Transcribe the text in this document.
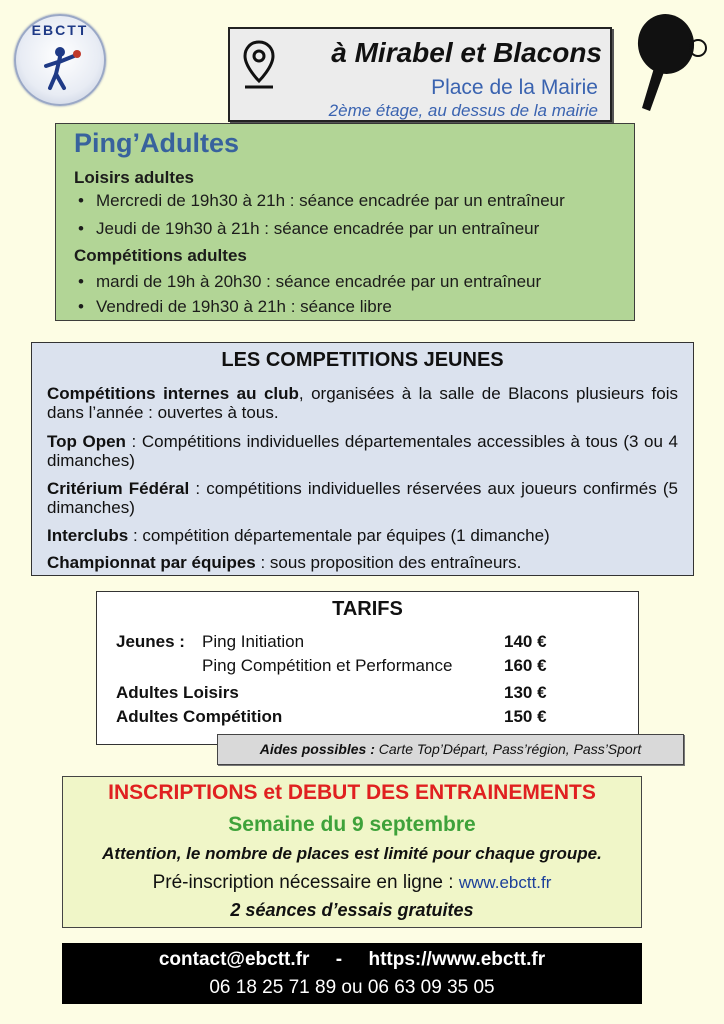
EBCTT
à Mirabel et Blacons
Place de la Mairie
2ème étage, au dessus de la mairie
Ping’Adultes
Loisirs adultes
• Mercredi de 19h30 à 21h : séance encadrée par un entraîneur
• Jeudi de 19h30 à 21h : séance encadrée par un entraîneur
Compétitions adultes
• mardi de 19h à 20h30 : séance encadrée par un entraîneur
• Vendredi de 19h30 à 21h : séance libre
LES COMPETITIONS JEUNES
Compétitions internes au club, organisées à la salle de Blacons plusieurs fois dans l’année : ouvertes à tous.
Top Open : Compétitions individuelles départementales accessibles à tous (3 ou 4 dimanches)
Critérium Fédéral : compétitions individuelles réservées aux joueurs confirmés (5 dimanches)
Interclubs : compétition départementale par équipes (1 dimanche)
Championnat par équipes : sous proposition des entraîneurs.
TARIFS
Jeunes : Ping Initiation	140 €
Ping Compétition et Performance	160 €
Adultes Loisirs	130 €
Adultes Compétition	150 €
Aides possibles : Carte Top’Départ, Pass’région, Pass’Sport
INSCRIPTIONS et DEBUT DES ENTRAINEMENTS
Semaine du 9 septembre
Attention, le nombre de places est limité pour chaque groupe.
Pré-inscription nécessaire en ligne : www.ebctt.fr
2 séances d’essais gratuites
contact@ebctt.fr - https://www.ebctt.fr
06 18 25 71 89 ou 06 63 09 35 05
